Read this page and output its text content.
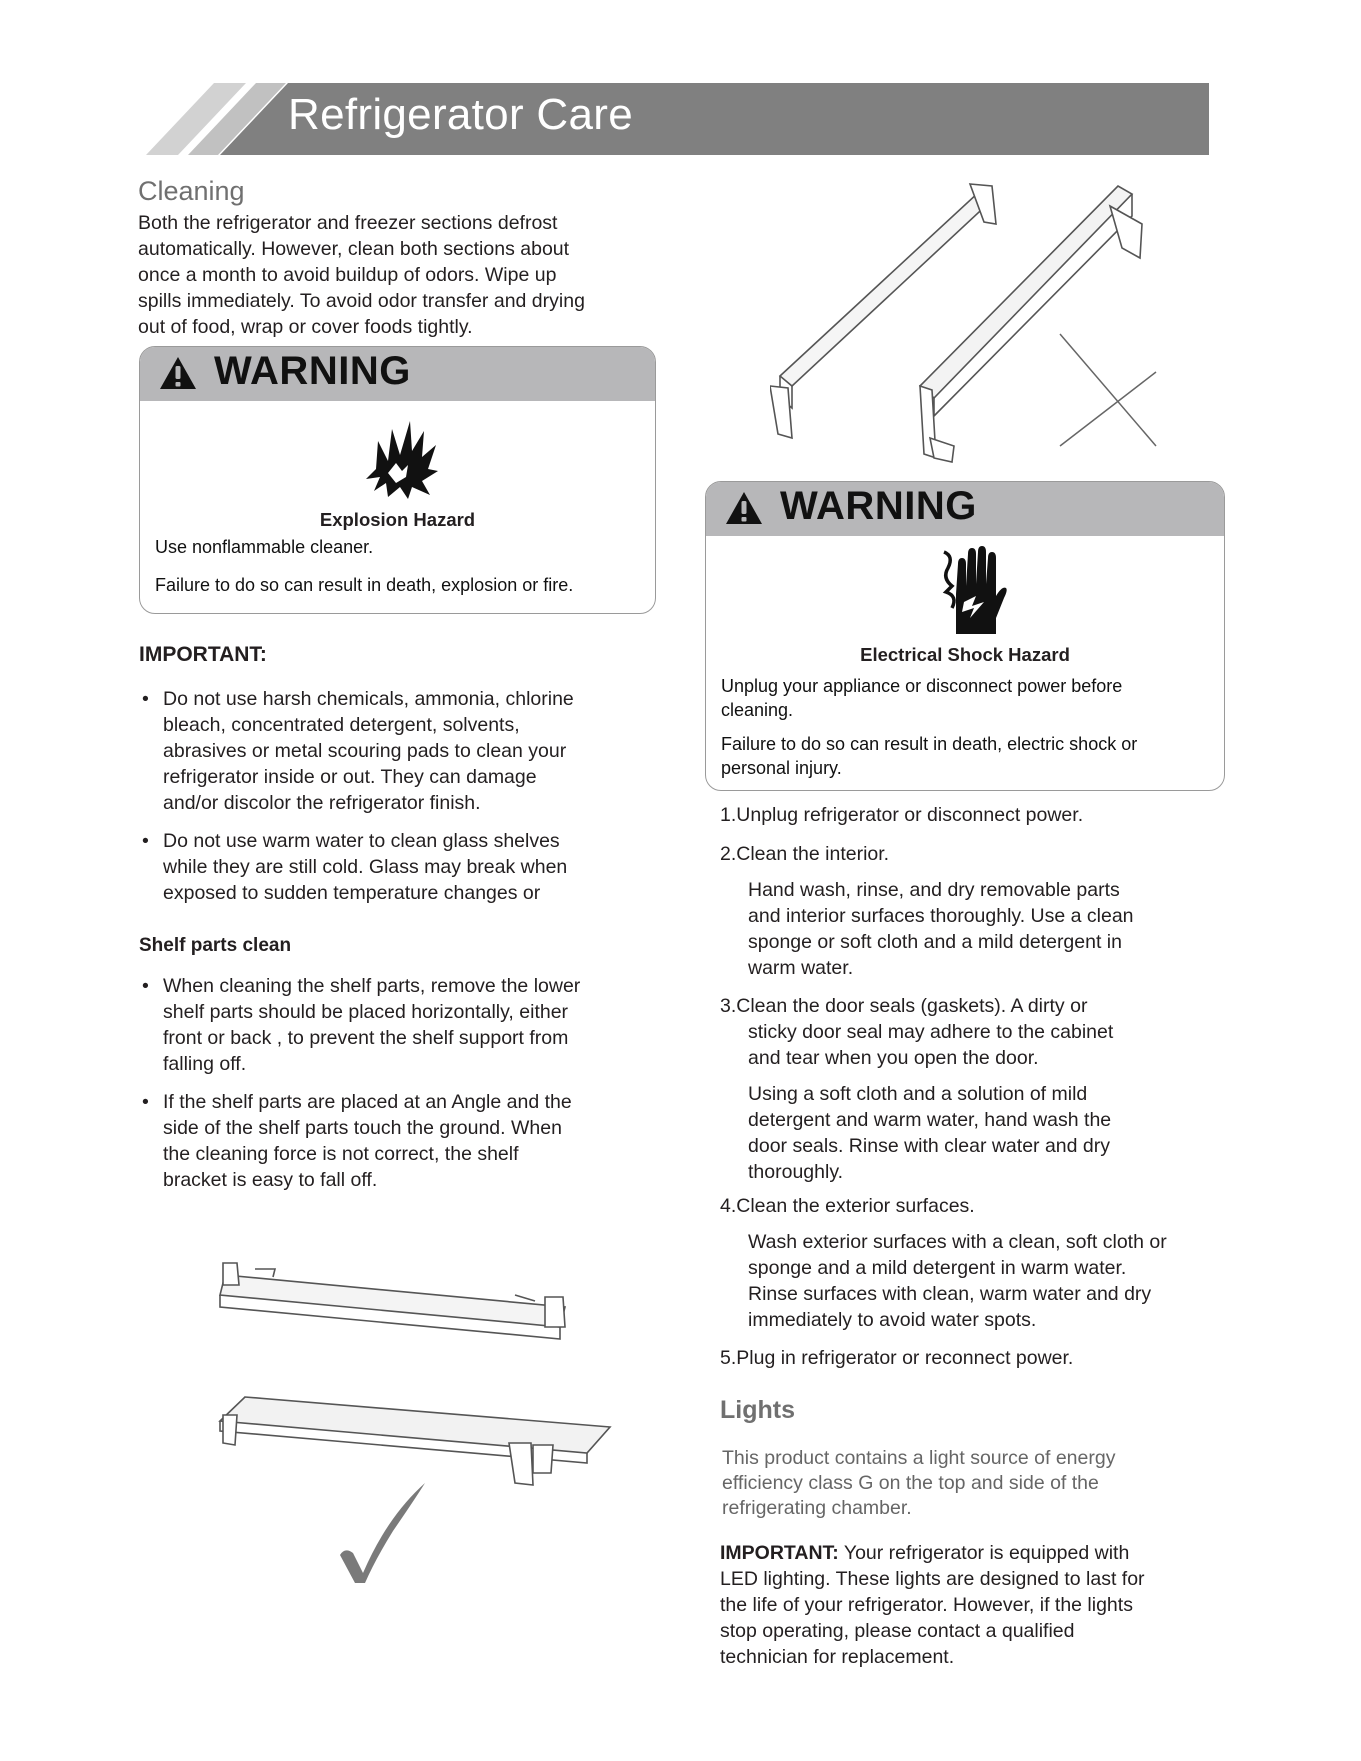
Refrigerator Care
Cleaning
Both the refrigerator and freezer sections defrost
automatically. However, clean both sections about
once a month to avoid buildup of odors. Wipe up
spills immediately. To avoid odor transfer and drying
out of food, wrap or cover foods tightly.
WARNING
Explosion Hazard
Use nonflammable cleaner.
Failure to do so can result in death, explosion or fire.
IMPORTANT:
• Do not use harsh chemicals, ammonia, chlorine
bleach, concentrated detergent, solvents,
abrasives or metal scouring pads to clean your
refrigerator inside or out. They can damage
and/or discolor the refrigerator finish.
• Do not use warm water to clean glass shelves
while they are still cold. Glass may break when
exposed to sudden temperature changes or
Shelf parts clean
• When cleaning the shelf parts, remove the lower
shelf parts should be placed horizontally, either
front or back , to prevent the shelf support from
falling off.
• If the shelf parts are placed at an Angle and the
side of the shelf parts touch the ground. When
the cleaning force is not correct, the shelf
bracket is easy to fall off.
WARNING
Electrical Shock Hazard
Unplug your appliance or disconnect power before
cleaning.
Failure to do so can result in death, electric shock or
personal injury.
1.Unplug refrigerator or disconnect power.
2.Clean the interior.
Hand wash, rinse, and dry removable parts
and interior surfaces thoroughly. Use a clean
sponge or soft cloth and a mild detergent in
warm water.
3.Clean the door seals (gaskets). A dirty or
sticky door seal may adhere to the cabinet
and tear when you open the door.
Using a soft cloth and a solution of mild
detergent and warm water, hand wash the
door seals. Rinse with clear water and dry
thoroughly.
4.Clean the exterior surfaces.
Wash exterior surfaces with a clean, soft cloth or
sponge and a mild detergent in warm water.
Rinse surfaces with clean, warm water and dry
immediately to avoid water spots.
5.Plug in refrigerator or reconnect power.
Lights
This product contains a light source of energy
efficiency class G on the top and side of the
refrigerating chamber.
IMPORTANT: Your refrigerator is equipped with
LED lighting. These lights are designed to last for
the life of your refrigerator. However, if the lights
stop operating, please contact a qualified
technician for replacement.
